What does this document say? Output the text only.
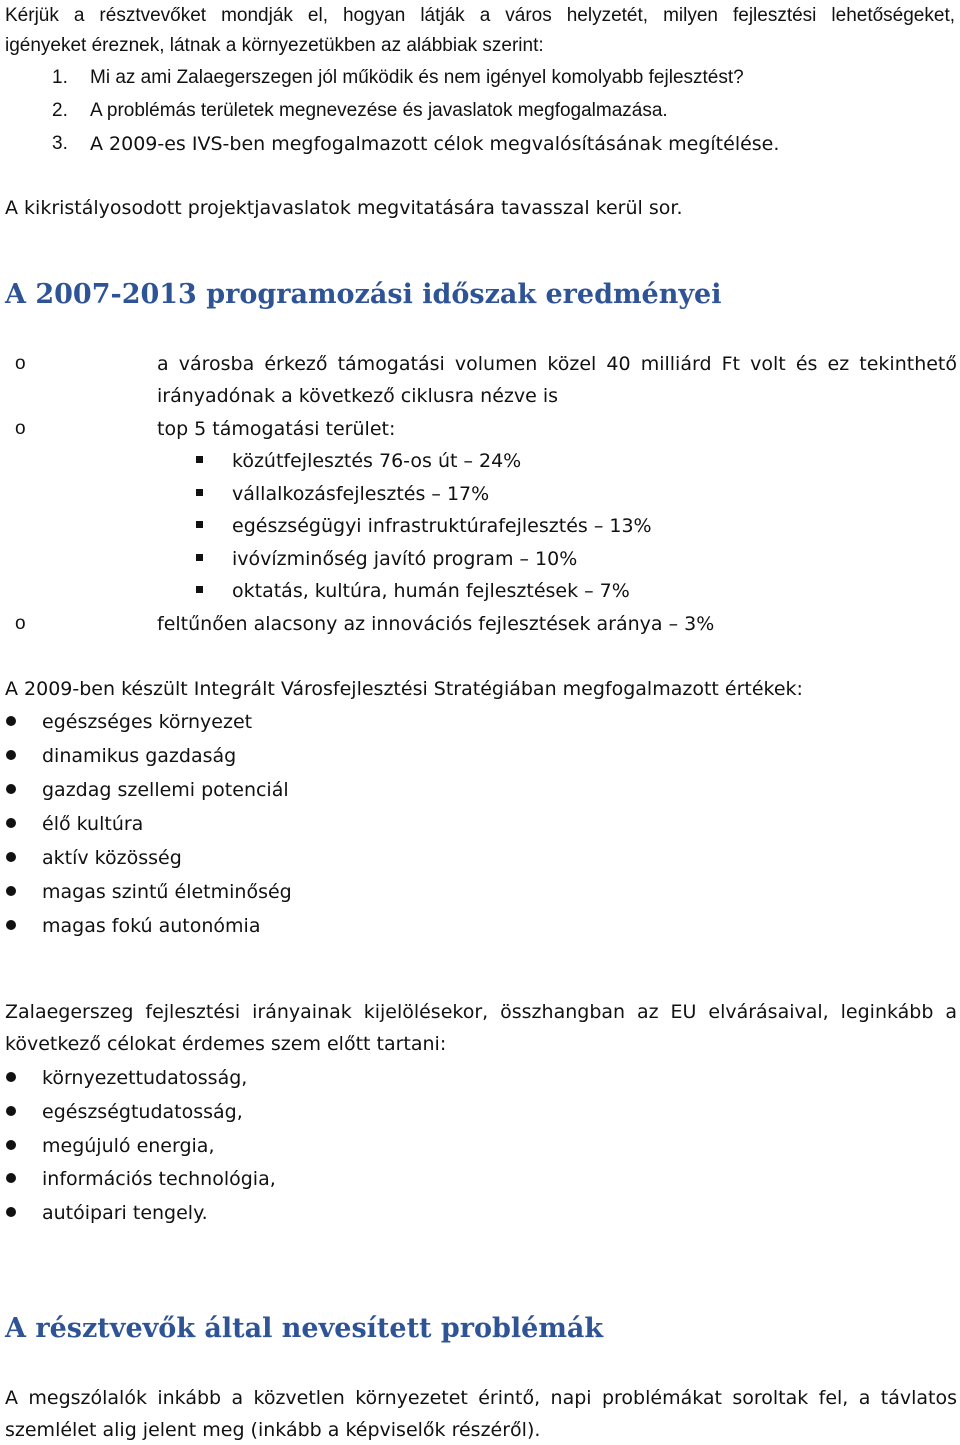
Kérjük a résztvevőket mondják el, hogyan látják a város helyzetét, milyen fejlesztési lehetőségeket,
igényeket éreznek, látnak a környezetükben az alábbiak szerint:
1. Mi az ami Zalaegerszegen jól működik és nem igényel komolyabb fejlesztést?
2. A problémás területek megnevezése és javaslatok megfogalmazása.
3. A 2009-es IVS-ben megfogalmazott célok megvalósításának megítélése.
A kikristályosodott projektjavaslatok megvitatására tavasszal kerül sor.
A 2007-2013 programozási időszak eredményei
o	a városba érkező támogatási volumen közel 40 milliárd Ft volt és ez tekinthető
irányadónak a következő ciklusra nézve is
o	top 5 támogatási terület:
közútfejlesztés 76-os út – 24%
vállalkozásfejlesztés – 17%
egészségügyi infrastruktúrafejlesztés – 13%
ivóvízminőség javító program – 10%
oktatás, kultúra, humán fejlesztések – 7%
o	feltűnően alacsony az innovációs fejlesztések aránya – 3%
A 2009-ben készült Integrált Városfejlesztési Stratégiában megfogalmazott értékek:
egészséges környezet
dinamikus gazdaság
gazdag szellemi potenciál
élő kultúra
aktív közösség
magas szintű életminőség
magas fokú autonómia
Zalaegerszeg fejlesztési irányainak kijelölésekor, összhangban az EU elvárásaival, leginkább a
következő célokat érdemes szem előtt tartani:
környezettudatosság,
egészségtudatosság,
megújuló energia,
információs technológia,
autóipari tengely.
A résztvevők által nevesített problémák
A megszólalók inkább a közvetlen környezetet érintő, napi problémákat soroltak fel, a távlatos
szemlélet alig jelent meg (inkább a képviselők részéről).
